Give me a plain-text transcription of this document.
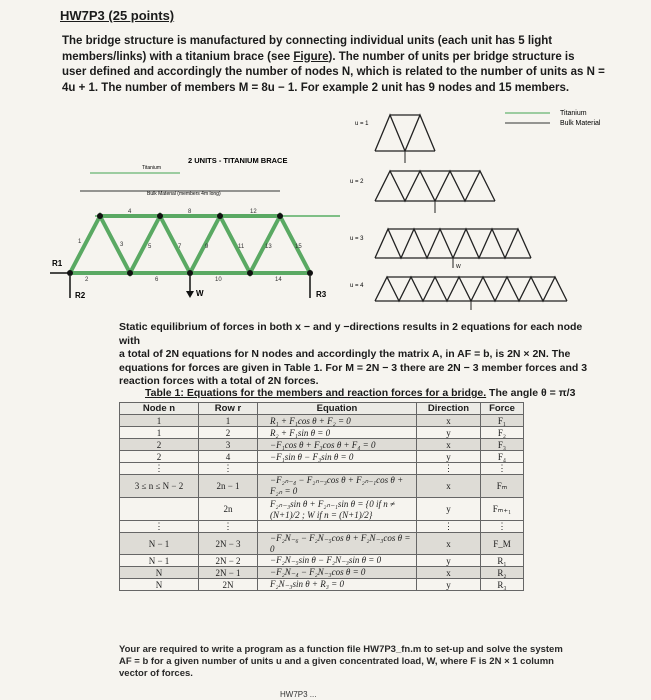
HW7P3 (25 points)
The bridge structure is manufactured by connecting individual units (each unit has 5 light
members/links) with a titanium brace (see Figure). The number of units per bridge structure is
user defined and accordingly the number of nodes N, which is related to the number of units as N =
4u + 1. The number of members M = 8u − 1. For example 2 unit has 9 nodes and 15 members.
Titanium
Bulk Material
u = 1
Titanium
Bulk Material (members 4m long)
2 UNITS - TITANIUM BRACE
u = 2
1
2
3
4
5
6
7
8
9
10
11
12
13
14
15
R1
R2	W	R3
u = 3
W
u = 4
Static equilibrium of forces in both x − and y −directions results in 2 equations for each node with
a total of 2N equations for N nodes and accordingly the matrix A, in AF = b, is 2N × 2N. The
equations for forces are given in Table 1. For M = 2N − 3 there are 2N − 3 member forces and 3
reaction forces with a total of 2N forces.
Table 1: Equations for the members and reaction forces for a bridge. The angle θ = π/3
Node n	Row r	Equation	Direction	Force
1	1	R₁ + F₁cos θ + F₂ = 0	x	F₁
1	2	R₂ + F₁sin θ = 0	y	F₂
2	3	−F₁cos θ + F₃cos θ + F₄ = 0	x	F₃
2	4	−F₁sin θ − F₃sin θ = 0	y	F₄
⋮	⋮		⋮	⋮
3 ≤ n ≤ N − 2	2n − 1	−F₂ₙ₋₄ − F₂ₙ₋₃cos θ + F₂ₙ₋₁cos θ + F₂ₙ = 0	x	Fₘ
	2n	F₂ₙ₋₃sin θ + F₂ₙ₋₁sin θ = {0 if n ≠ (N+1)/2 ; W if n = (N+1)/2}	y	Fₘ₊₁
⋮	⋮		⋮	⋮
N − 1	2N − 3	−F₂N₋₆ − F₂N₋₅cos θ + F₂N₋₃cos θ = 0	x	F_M
N − 1	2N − 2	−F₂N₋₅sin θ − F₂N₋₃sin θ = 0	y	R₁
N	2N − 1	−F₂N₋₄ − F₂N₋₃cos θ = 0	x	R₂
N	2N	F₂N₋₃sin θ + R₃ = 0	y	R₃
Your are required to write a program as a function file HW7P3_fn.m to set-up and solve the system
AF = b for a given number of units u and a given concentrated load, W, where F is 2N × 1 column
vector of forces.
HW7P3 ...
